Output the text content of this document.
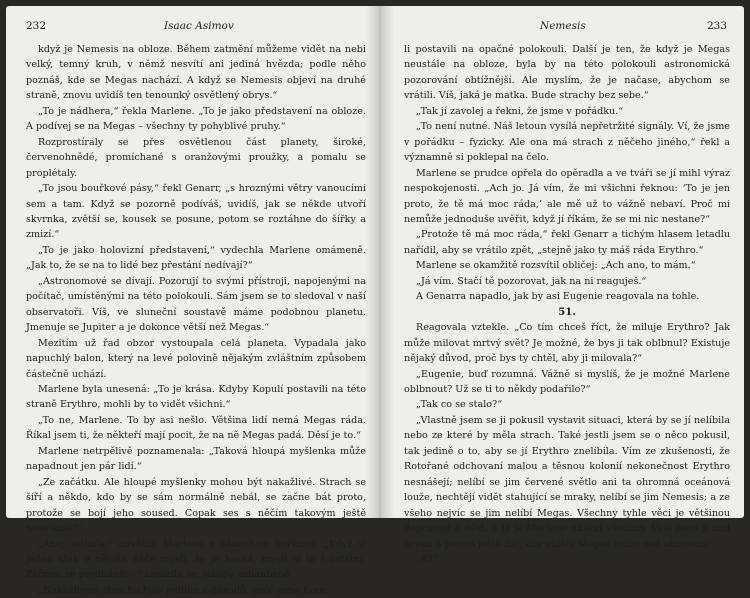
232	Isaac Asimov

když je Nemesis na obloze. Během zatmění můžeme vidět na nebi velký, temný kruh, v němž nesvítí ani jediná hvězda; podle něho poznáš, kde se Megas nachází. A když se Nemesis objeví na druhé straně, znovu uvidíš ten tenounký osvětlený obrys.“

„To je nádhera,“ řekla Marlene. „To je jako představení na obloze. A podívej se na Megas – všechny ty pohyblivé pruhy.“

Rozprostíraly se přes osvětlenou část planety, široké, červenohnědé, promíchané s oranžovými proužky, a pomalu se proplétaly.

„To jsou bouřkové pásy,“ řekl Genarr, „s hroznými větry vanoucími sem a tam. Když se pozorně podíváš, uvidíš, jak se někde utvoří skvrnka, zvětší se, kousek se posune, potom se roztáhne do šířky a zmizí.“

„To je jako holovizní představení,“ vydechla Marlene omámeně. „Jak to, že se na to lidé bez přestání nedívají?“

„Astronomové se dívají. Pozorují to svými přístroji, napojenými na počítač, umístěnými na této polokouli. Sám jsem se to sledoval v naší observatoři. Víš, ve sluneční soustavě máme podobnou planetu. Jmenuje se Jupiter a je dokonce větší než Megas.“

Mezitím už řad obzor vystoupala celá planeta. Vypadala jako napuchlý balon, který na levé polovině nějakým zvláštním způsobem částečně uchází.

Marlene byla unesená: „To je krása. Kdyby Kopulí postavili na této straně Erythro, mohli by to vidět všichni.“

„To ne, Marlene. To by asi nešlo. Většina lidí nemá Megas ráda. Říkal jsem ti, že někteří mají pocit, že na ně Megas padá. Děsí je to.“

Marlene netrpělivě poznamenala: „Taková hloupá myšlenka může napadnout jen pár lidí.“

„Ze začátku. Ale hloupé myšlenky mohou být nakažlivé. Strach se šíří a někdo, kdo by se sám normálně nebál, se začne bát proto, protože se bojí jeho soused. Copak ses s něčím takovým ještě nesetkala?“

„Ano, setkala,“ odvětila Marlene s nádechem hořkosti. „Když si jeden kluk o nějaké káče myslí, že je hezká, myslí si to i ostatní. Začnou se předhánět –“ zarazila se, jakoby zahanbeně.

„Nakažlivost strachu byla jedním z důvodů, proč jsme Kopu-

Nemesis	233

li postavili na opačné polokouli. Další je ten, že když je Megas neustále na obloze, byla by na této polokouli astronomická pozorování obtížnější. Ale myslím, že je načase, abychom se vrátili. Víš, jaká je matka. Bude strachy bez sebe.“

„Tak jí zavolej a řekni, že jsme v pořádku.“

„To není nutné. Náš letoun vysílá nepřetržité signály. Ví, že jsme v pořádku – fyzicky. Ale ona má strach z něčeho jiného,“ řekl a významně si poklepal na čelo.

Marlene se prudce opřela do opěradla a ve tváři se jí mihl výraz nespokojenosti. „Ach jo. Já vím, že mi všichni řeknou: ‘To je jen proto, že tě má moc ráda,’ ale mě už to vážně nebaví. Proč mi nemůže jednoduše uvěřit, když jí říkám, že se mi nic nestane?“

„Protože tě má moc ráda,“ řekl Genarr a tichým hlasem letadlu nařídil, aby se vrátilo zpět, „stejně jako ty máš ráda Erythro.“

Marlene se okamžitě rozsvítil obličej: „Ach ano, to mám.“

„Já vím. Stačí tě pozorovat, jak na ni reaguješ.“

A Genarra napadlo, jak by asi Eugenie reagovala na tohle.

51.

Reagovala vztekle. „Co tím chceš říct, že miluje Erythro? Jak může milovat mrtvý svět? Je možné, že bys ji tak oblbnul? Existuje nějaký důvod, proč bys ty chtěl, aby ji milovala?“

„Eugenie, buď rozumná. Vážně si myslíš, že je možné Marlene oblbnout? Už se ti to někdy podařilo?“

„Tak co se stalo?“

„Vlastně jsem se ji pokusil vystavit situaci, která by se jí nelíbila nebo ze které by měla strach. Také jestli jsem se o něco pokusil, tak jedině o to, aby se jí Erythro znelíbila. Vím ze zkušenosti, že Rotořané odchovaní malou a těsnou kolonií nekonečnost Erythro nesnášejí; nelíbí se jim červené světlo ani ta ohromná oceánová louže, nechtějí vidět stahující se mraky, nelíbí se jim Nemesis; a ze všeho nejvíc se jim nelíbí Megas. Všechny tyhle věci je většinou deprimují a děsí. A já je Marlene ukázal všechny. Vzal jsem ji nad oceán a potom ještě dál, aby viděla Megas celou nad obzorem.“

„A?“
